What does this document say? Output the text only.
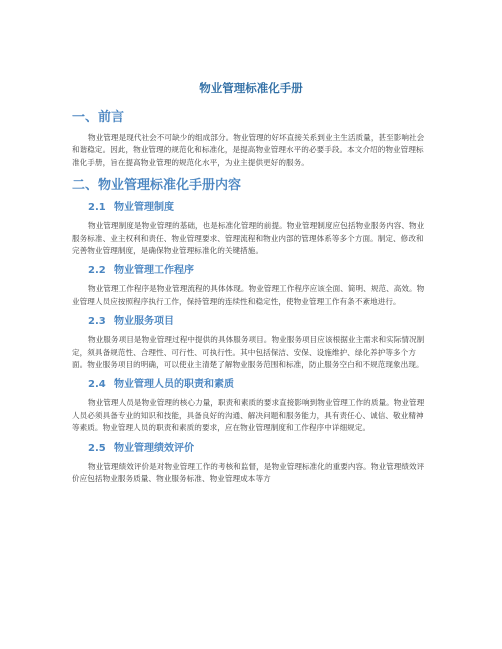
物业管理标准化手册
一、前言

物业管理是现代社会不可缺少的组成部分。物业管理的好坏直接关系到业主生活质量，甚至影响社会和谐稳定。因此，物业管理的规范化和标准化，是提高物业管理水平的必要手段。本文介绍的物业管理标准化手册，旨在提高物业管理的规范化水平，为业主提供更好的服务。

二、物业管理标准化手册内容
2.1 物业管理制度

物业管理制度是物业管理的基础，也是标准化管理的前提。物业管理制度应包括物业服务内容、物业服务标准、业主权利和责任、物业管理要求、管理流程和物业内部的管理体系等多个方面。制定、修改和完善物业管理制度，是确保物业管理标准化的关键措施。

2.2 物业管理工作程序

物业管理工作程序是物业管理流程的具体体现。物业管理工作程序应该全面、简明、规范、高效。物业管理人员应按照程序执行工作，保持管理的连续性和稳定性，使物业管理工作有条不紊地进行。

2.3 物业服务项目

物业服务项目是物业管理过程中提供的具体服务项目。物业服务项目应该根据业主需求和实际情况制定，须具备规范性、合理性、可行性、可执行性。其中包括保洁、安保、设施维护、绿化养护等多个方面。物业服务项目的明确，可以使业主清楚了解物业服务范围和标准，防止服务空白和不规范现象出现。

2.4 物业管理人员的职责和素质

物业管理人员是物业管理的核心力量，职责和素质的要求直接影响到物业管理工作的质量。物业管理人员必须具备专业的知识和技能，具备良好的沟通、解决问题和服务能力，具有责任心、诚信、敬业精神等素质。物业管理人员的职责和素质的要求，应在物业管理制度和工作程序中详细规定。

2.5 物业管理绩效评价

物业管理绩效评价是对物业管理工作的考核和监督，是物业管理标准化的重要内容。物业管理绩效评价应包括物业服务质量、物业服务标准、物业管理成本等方
